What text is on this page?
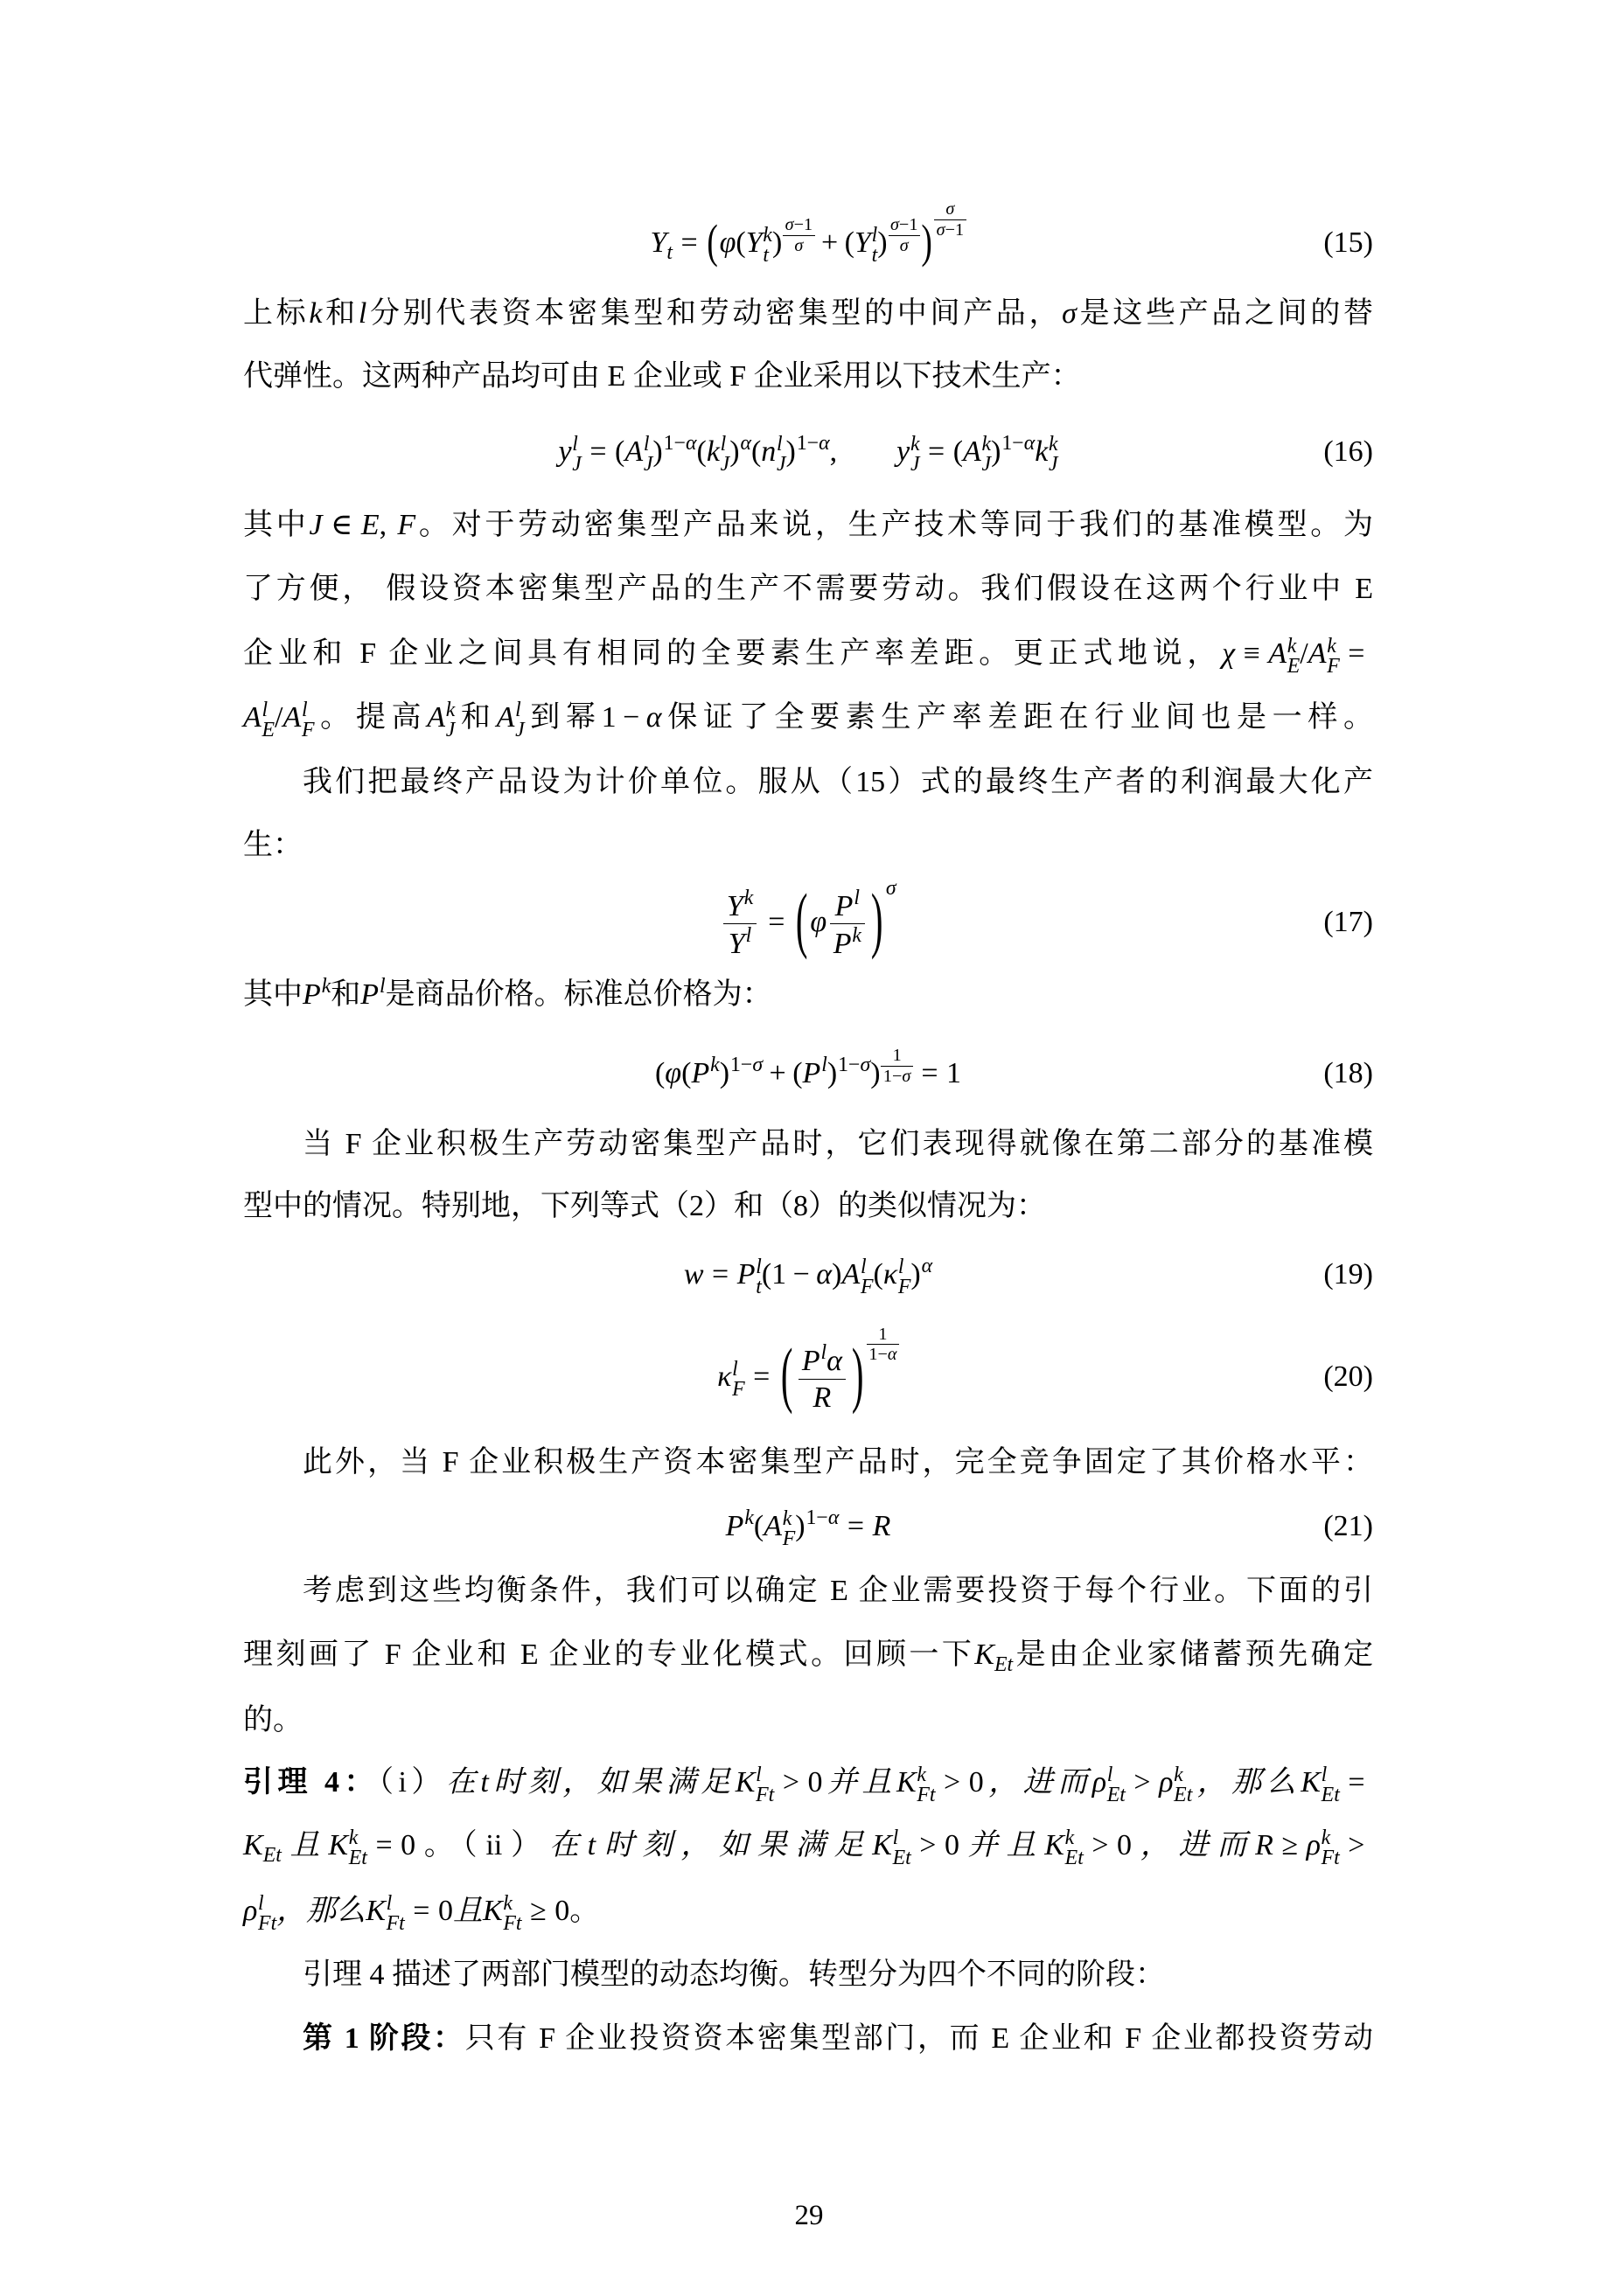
Yt = (φ(Y k
t ) $\frac{\sigma-1}{\sigma} + (Y$ l
t ) $\frac{\sigma-1}{\sigma}$ ) $\frac{\sigma}{\sigma-1}$
(15)
上标k和l分别代表资本密集型和劳动密集型的中间产品，σ是这些产品之间的替
代弹性。这两种产品均可由 E 企业或 F 企业采用以下技术生产：
y l
J = (A l
J )1−α(k l
J )α(n l
J )1−α, y k
J = (A k
J )1−αk k
J	(16)
其中J ∈ E, F。对于劳动密集型产品来说，生产技术等同于我们的基准模型。为
了方便， 假设资本密集型产品的生产不需要劳动。我们假设在这两个行业中 E
企业和 F 企业之间具有相同的全要素生产率差距。更正式地说，χ ≡ A k
E /A k
F =
A l
E /A l
F 。提高A k
J 和A l
J 到幂1 − α保证了全要素生产率差距在行业间也是一样。
我们把最终产品设为计价单位。服从（15）式的最终生产者的利润最大化产
生：
$\frac{Yk}{Yl} = (\varphi \frac{Pl}{Pk}$ ) σ
(17)
其中Pk和Pl是商品价格。标准总价格为：
$(\varphi(Pk)1-\sigma + (Pl)1-\sigma) \frac{1}{1-\sigma} = 1$	(18)
当 F 企业积极生产劳动密集型产品时，它们表现得就像在第二部分的基准模
型中的情况。特别地，下列等式（2）和（8）的类似情况为：
w = P l
t (1 − α)A l
F (κ l
F )α	(19)
κ l
F = ( $\frac{\text{Plα}}{R}$ ) $\frac{1}{1-\alpha}$
(20)
此外，当 F 企业积极生产资本密集型产品时，完全竞争固定了其价格水平：
Pk(A k
F )1−α = R	(21)
考虑到这些均衡条件，我们可以确定 E 企业需要投资于每个行业。下面的引
理刻画了 F 企业和 E 企业的专业化模式。回顾一下KEt是由企业家储蓄预先确定
的。
引理 4：（i）在t时刻，如果满足K l
Ft > 0并且K k
Ft > 0，进而ρ l
Et > ρ k
Et ，那么K l
Et =
KEt且K k
Et = 0。（ii）在t时刻，如果满足K l
Et > 0并且K k
Et > 0，进而R ≥ ρ k
Ft >
ρ l
Ft ，那么K l
Ft = 0且K k
Ft ≥ 0。
引理 4 描述了两部门模型的动态均衡。转型分为四个不同的阶段：
第 1 阶段：只有 F 企业投资资本密集型部门，而 E 企业和 F 企业都投资劳动
29
